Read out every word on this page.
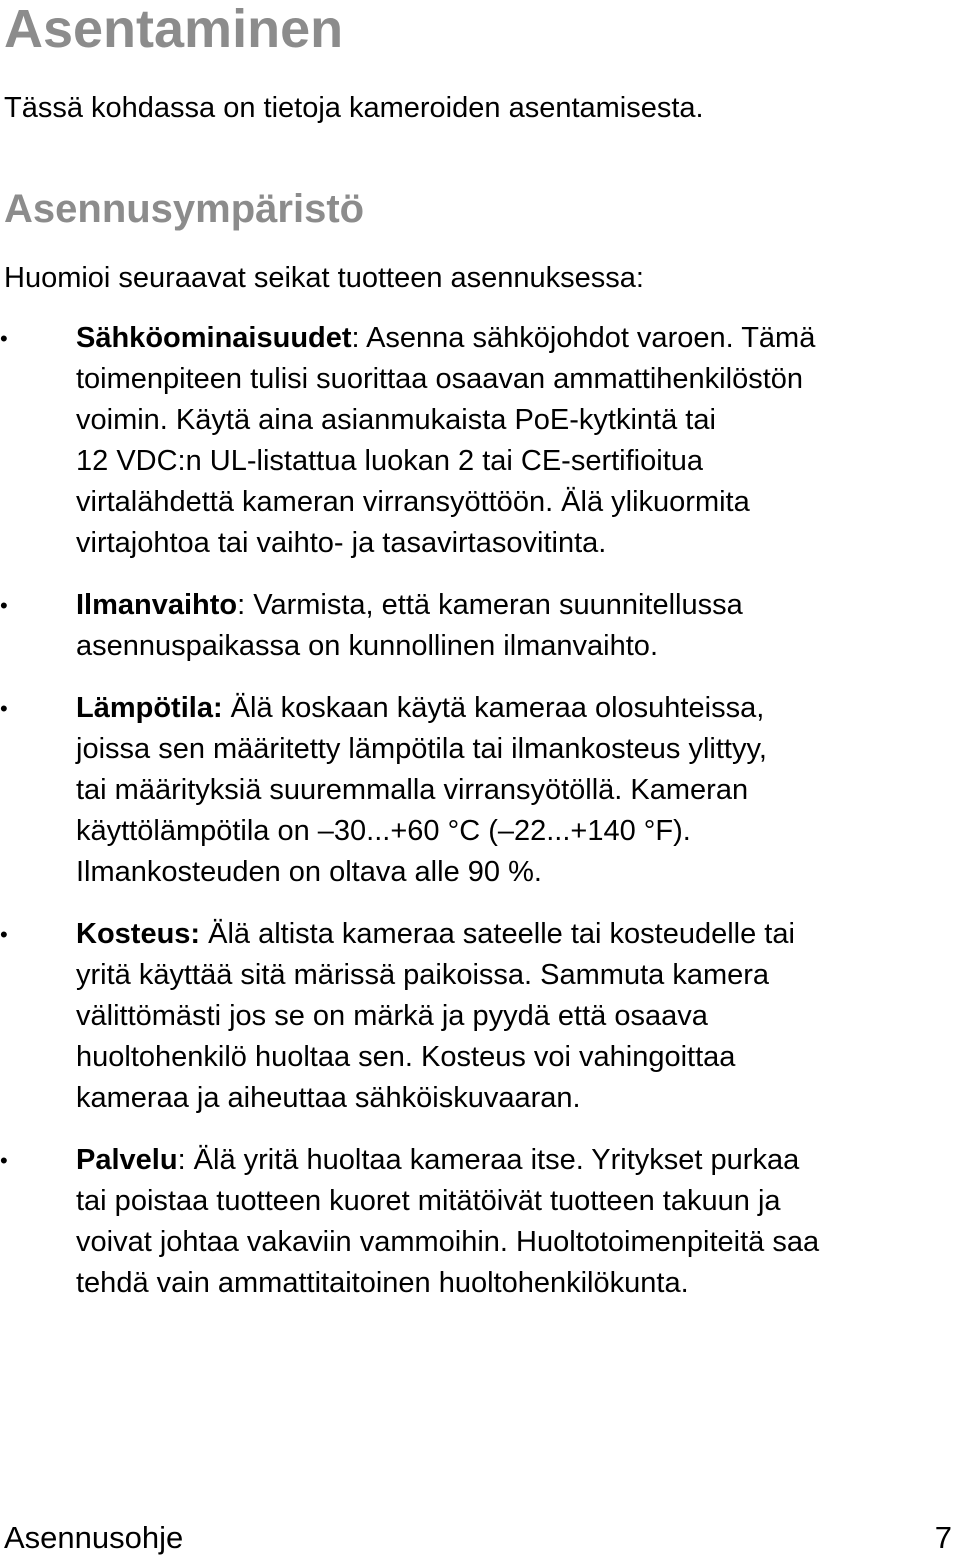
Asentaminen

Tässä kohdassa on tietoja kameroiden asentamisesta.

Asennusympäristö

Huomioi seuraavat seikat tuotteen asennuksessa:

• Sähköominaisuudet: Asenna sähköjohdot varoen. Tämä
toimenpiteen tulisi suorittaa osaavan ammattihenkilöstön
voimin. Käytä aina asianmukaista PoE-kytkintä tai
12 VDC:n UL-listattua luokan 2 tai CE-sertifioitua
virtalähdettä kameran virransyöttöön. Älä ylikuormita
virtajohtoa tai vaihto- ja tasavirtasovitinta.
• Ilmanvaihto: Varmista, että kameran suunnitellussa
asennuspaikassa on kunnollinen ilmanvaihto.
• Lämpötila: Älä koskaan käytä kameraa olosuhteissa,
joissa sen määritetty lämpötila tai ilmankosteus ylittyy,
tai määrityksiä suuremmalla virransyötöllä. Kameran
käyttölämpötila on –30...+60 °C (–22...+140 °F).
Ilmankosteuden on oltava alle 90 %.
• Kosteus: Älä altista kameraa sateelle tai kosteudelle tai
yritä käyttää sitä märissä paikoissa. Sammuta kamera
välittömästi jos se on märkä ja pyydä että osaava
huoltohenkilö huoltaa sen. Kosteus voi vahingoittaa
kameraa ja aiheuttaa sähköiskuvaaran.
• Palvelu: Älä yritä huoltaa kameraa itse. Yritykset purkaa
tai poistaa tuotteen kuoret mitätöivät tuotteen takuun ja
voivat johtaa vakaviin vammoihin. Huoltotoimenpiteitä saa
tehdä vain ammattitaitoinen huoltohenkilökunta.
Asennusohje	7
